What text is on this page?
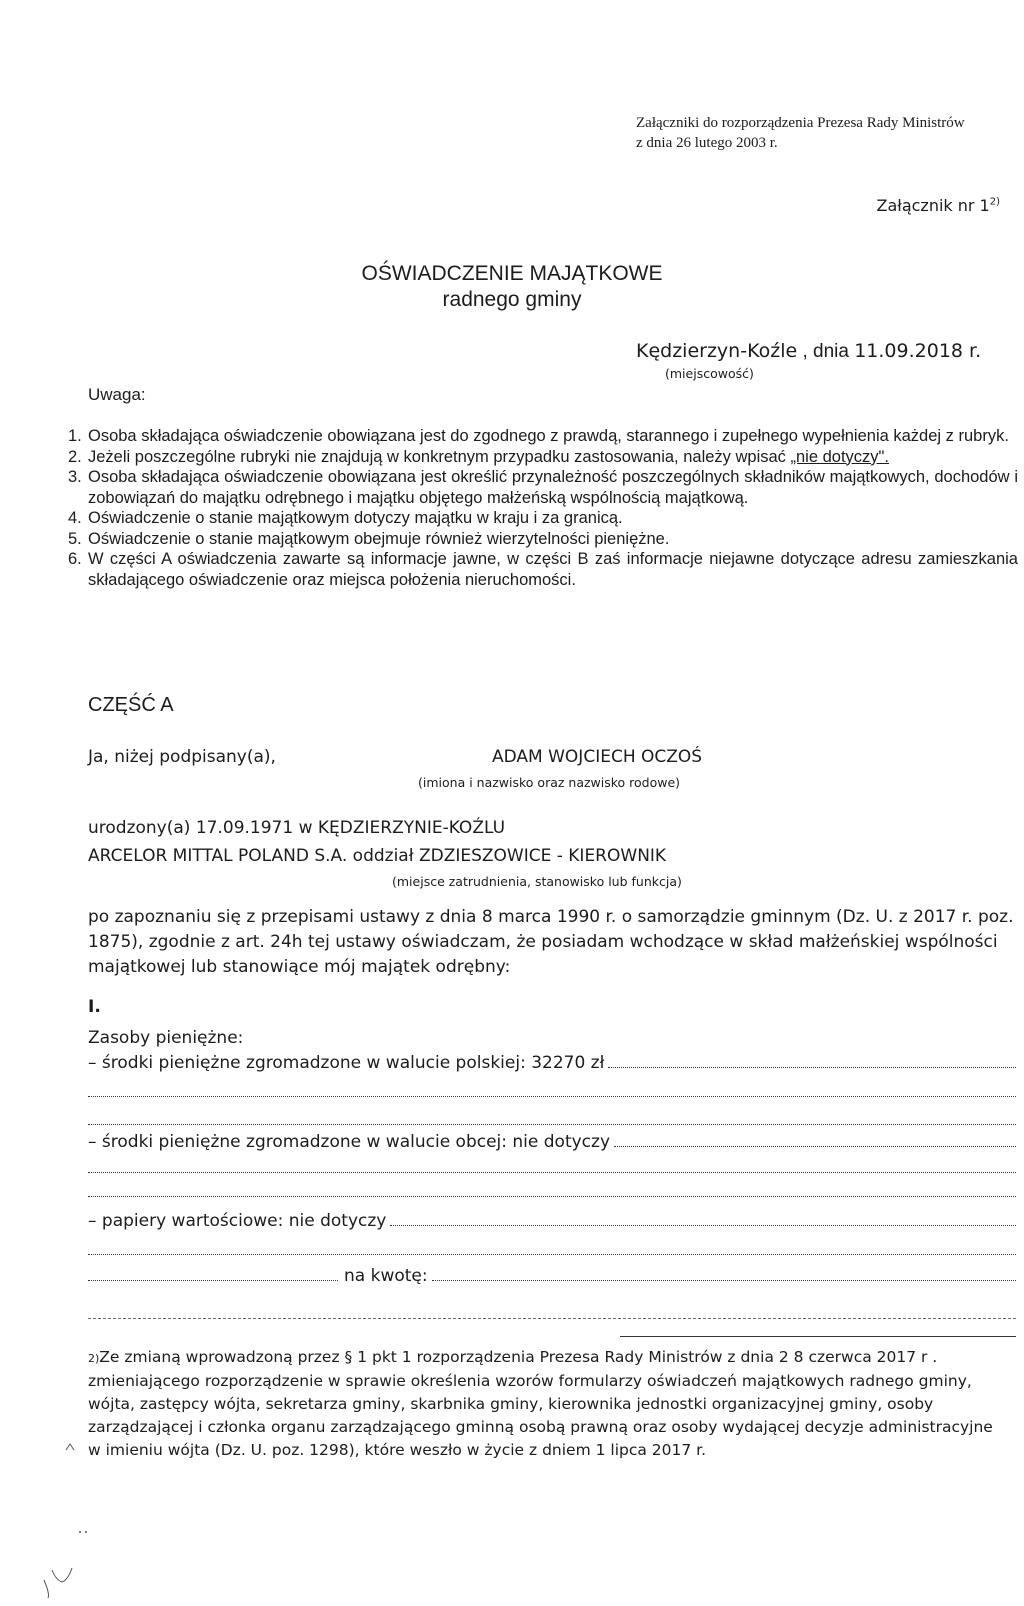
Załączniki do rozporządzenia Prezesa Rady Ministrów
z dnia 26 lutego 2003 r.
Załącznik nr 1$^{2)}$
OŚWIADCZENIE MAJĄTKOWE
radnego gminy
Kędzierzyn-Koźle , dnia 11.09.2018 r.
(miejscowość)
Uwaga:
1. Osoba składająca oświadczenie obowiązana jest do zgodnego z prawdą, starannego i zupełnego wypełnienia każdej z rubryk.
2. Jeżeli poszczególne rubryki nie znajdują w konkretnym przypadku zastosowania, należy wpisać „nie dotyczy".
3. Osoba składająca oświadczenie obowiązana jest określić przynależność poszczególnych składników majątkowych, dochodów i zobowiązań do majątku odrębnego i majątku objętego małżeńską wspólnością majątkową.
4. Oświadczenie o stanie majątkowym dotyczy majątku w kraju i za granicą.
5. Oświadczenie o stanie majątkowym obejmuje również wierzytelności pieniężne.
6. W części A oświadczenia zawarte są informacje jawne, w części B zaś informacje niejawne dotyczące adresu zamieszkania składającego oświadczenie oraz miejsca położenia nieruchomości.
CZĘŚĆ A
Ja, niżej podpisany(a),	ADAM WOJCIECH OCZOŚ
(imiona i nazwisko oraz nazwisko rodowe)
urodzony(a) 17.09.1971 w KĘDZIERZYNIE-KOŹLU
ARCELOR MITTAL POLAND S.A. oddział ZDZIESZOWICE - KIEROWNIK
(miejsce zatrudnienia, stanowisko lub funkcja)
po zapoznaniu się z przepisami ustawy z dnia 8 marca 1990 r. o samorządzie gminnym (Dz. U. z 2017 r. poz. 1875), zgodnie z art. 24h tej ustawy oświadczam, że posiadam wchodzące w skład małżeńskiej wspólności majątkowej lub stanowiące mój majątek odrębny:
I.
Zasoby pieniężne:
– środki pieniężne zgromadzone w walucie polskiej: 32270 zł
– środki pieniężne zgromadzone w walucie obcej: nie dotyczy
– papiery wartościowe: nie dotyczy
na kwotę:
2)Ze zmianą wprowadzoną przez § 1 pkt 1 rozporządzenia Prezesa Rady Ministrów z dnia 2 8 czerwca 2017 r . zmieniającego rozporządzenie w sprawie określenia wzorów formularzy oświadczeń majątkowych radnego gminy, wójta, zastępcy wójta, sekretarza gminy, skarbnika gminy, kierownika jednostki organizacyjnej gminy, osoby zarządzającej i członka organu zarządzającego gminną osobą prawną oraz osoby wydającej decyzje administracyjne w imieniu wójta (Dz. U. poz. 1298), które weszło w życie z dniem 1 lipca 2017 r.
